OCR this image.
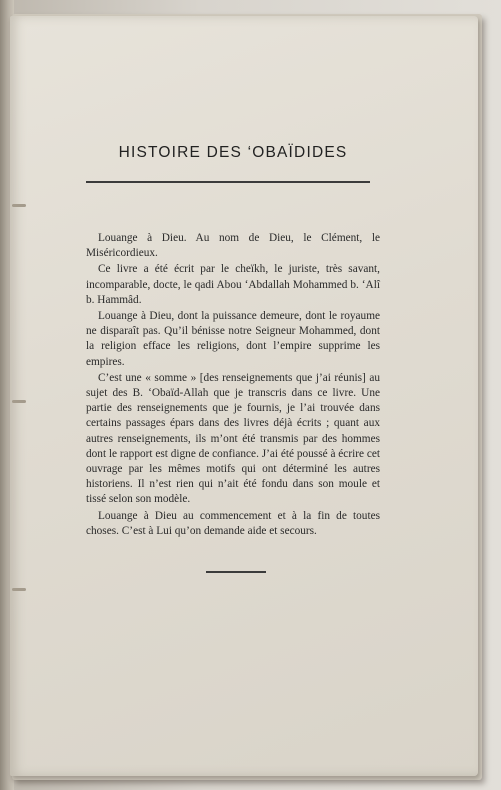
HISTOIRE DES ‘OBAÏDIDES

Louange à Dieu. Au nom de Dieu, le Clément, le Miséricordieux.

Ce livre a été écrit par le cheïkh, le juriste, très savant, incomparable, docte, le qadi Abou ‘Abdallah Mohammed b. ‘Alî b. Hammâd.

Louange à Dieu, dont la puissance demeure, dont le royaume ne disparaît pas. Qu’il bénisse notre Seigneur Mohammed, dont la religion efface les religions, dont l’empire supprime les empires.

C’est une « somme » [des renseignements que j’ai réunis] au sujet des B. ‘Obaïd-Allah que je transcris dans ce livre. Une partie des renseignements que je fournis, je l’ai trouvée dans certains passages épars dans des livres déjà écrits ; quant aux autres renseignements, ils m’ont été transmis par des hommes dont le rapport est digne de confiance. J’ai été poussé à écrire cet ouvrage par les mêmes motifs qui ont déterminé les autres historiens. Il n’est rien qui n’ait été fondu dans son moule et tissé selon son modèle.

Louange à Dieu au commencement et à la fin de toutes choses. C’est à Lui qu’on demande aide et secours.
